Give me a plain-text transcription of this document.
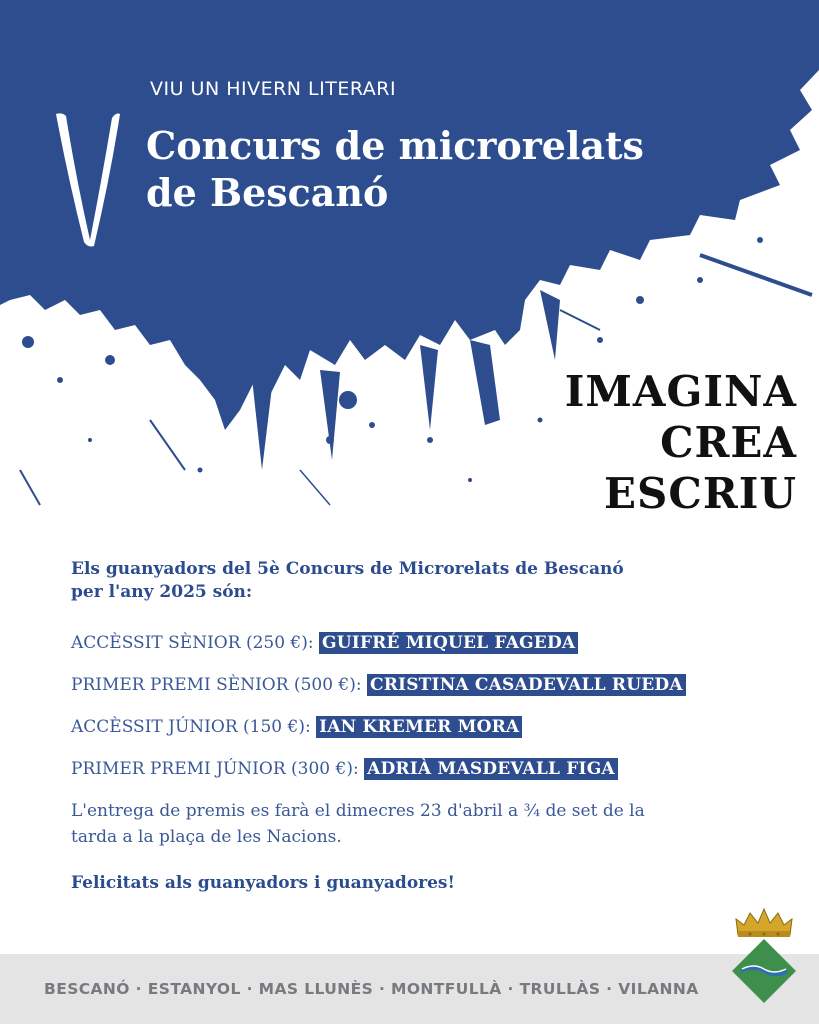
VIU UN HIVERN LITERARI
Concurs de microrelats
de Bescanó
IMAGINA
CREA
ESCRIU

Els guanyadors del 5è Concurs de Microrelats de Bescanó
per l'any 2025 són:

ACCÈSSIT SÈNIOR (250 €): GUIFRÉ MIQUEL FAGEDA

PRIMER PREMI SÈNIOR (500 €): CRISTINA CASADEVALL RUEDA

ACCÈSSIT JÚNIOR (150 €): IAN KREMER MORA

PRIMER PREMI JÚNIOR (300 €): ADRIÀ MASDEVALL FIGA

L'entrega de premis es farà el dimecres 23 d'abril a ¾ de set de la
tarda a la plaça de les Nacions.

Felicitats als guanyadors i guanyadores!

BESCANÓ · ESTANYOL · MAS LLUNÈS · MONTFULLÀ · TRULLÀS · VILANNA
